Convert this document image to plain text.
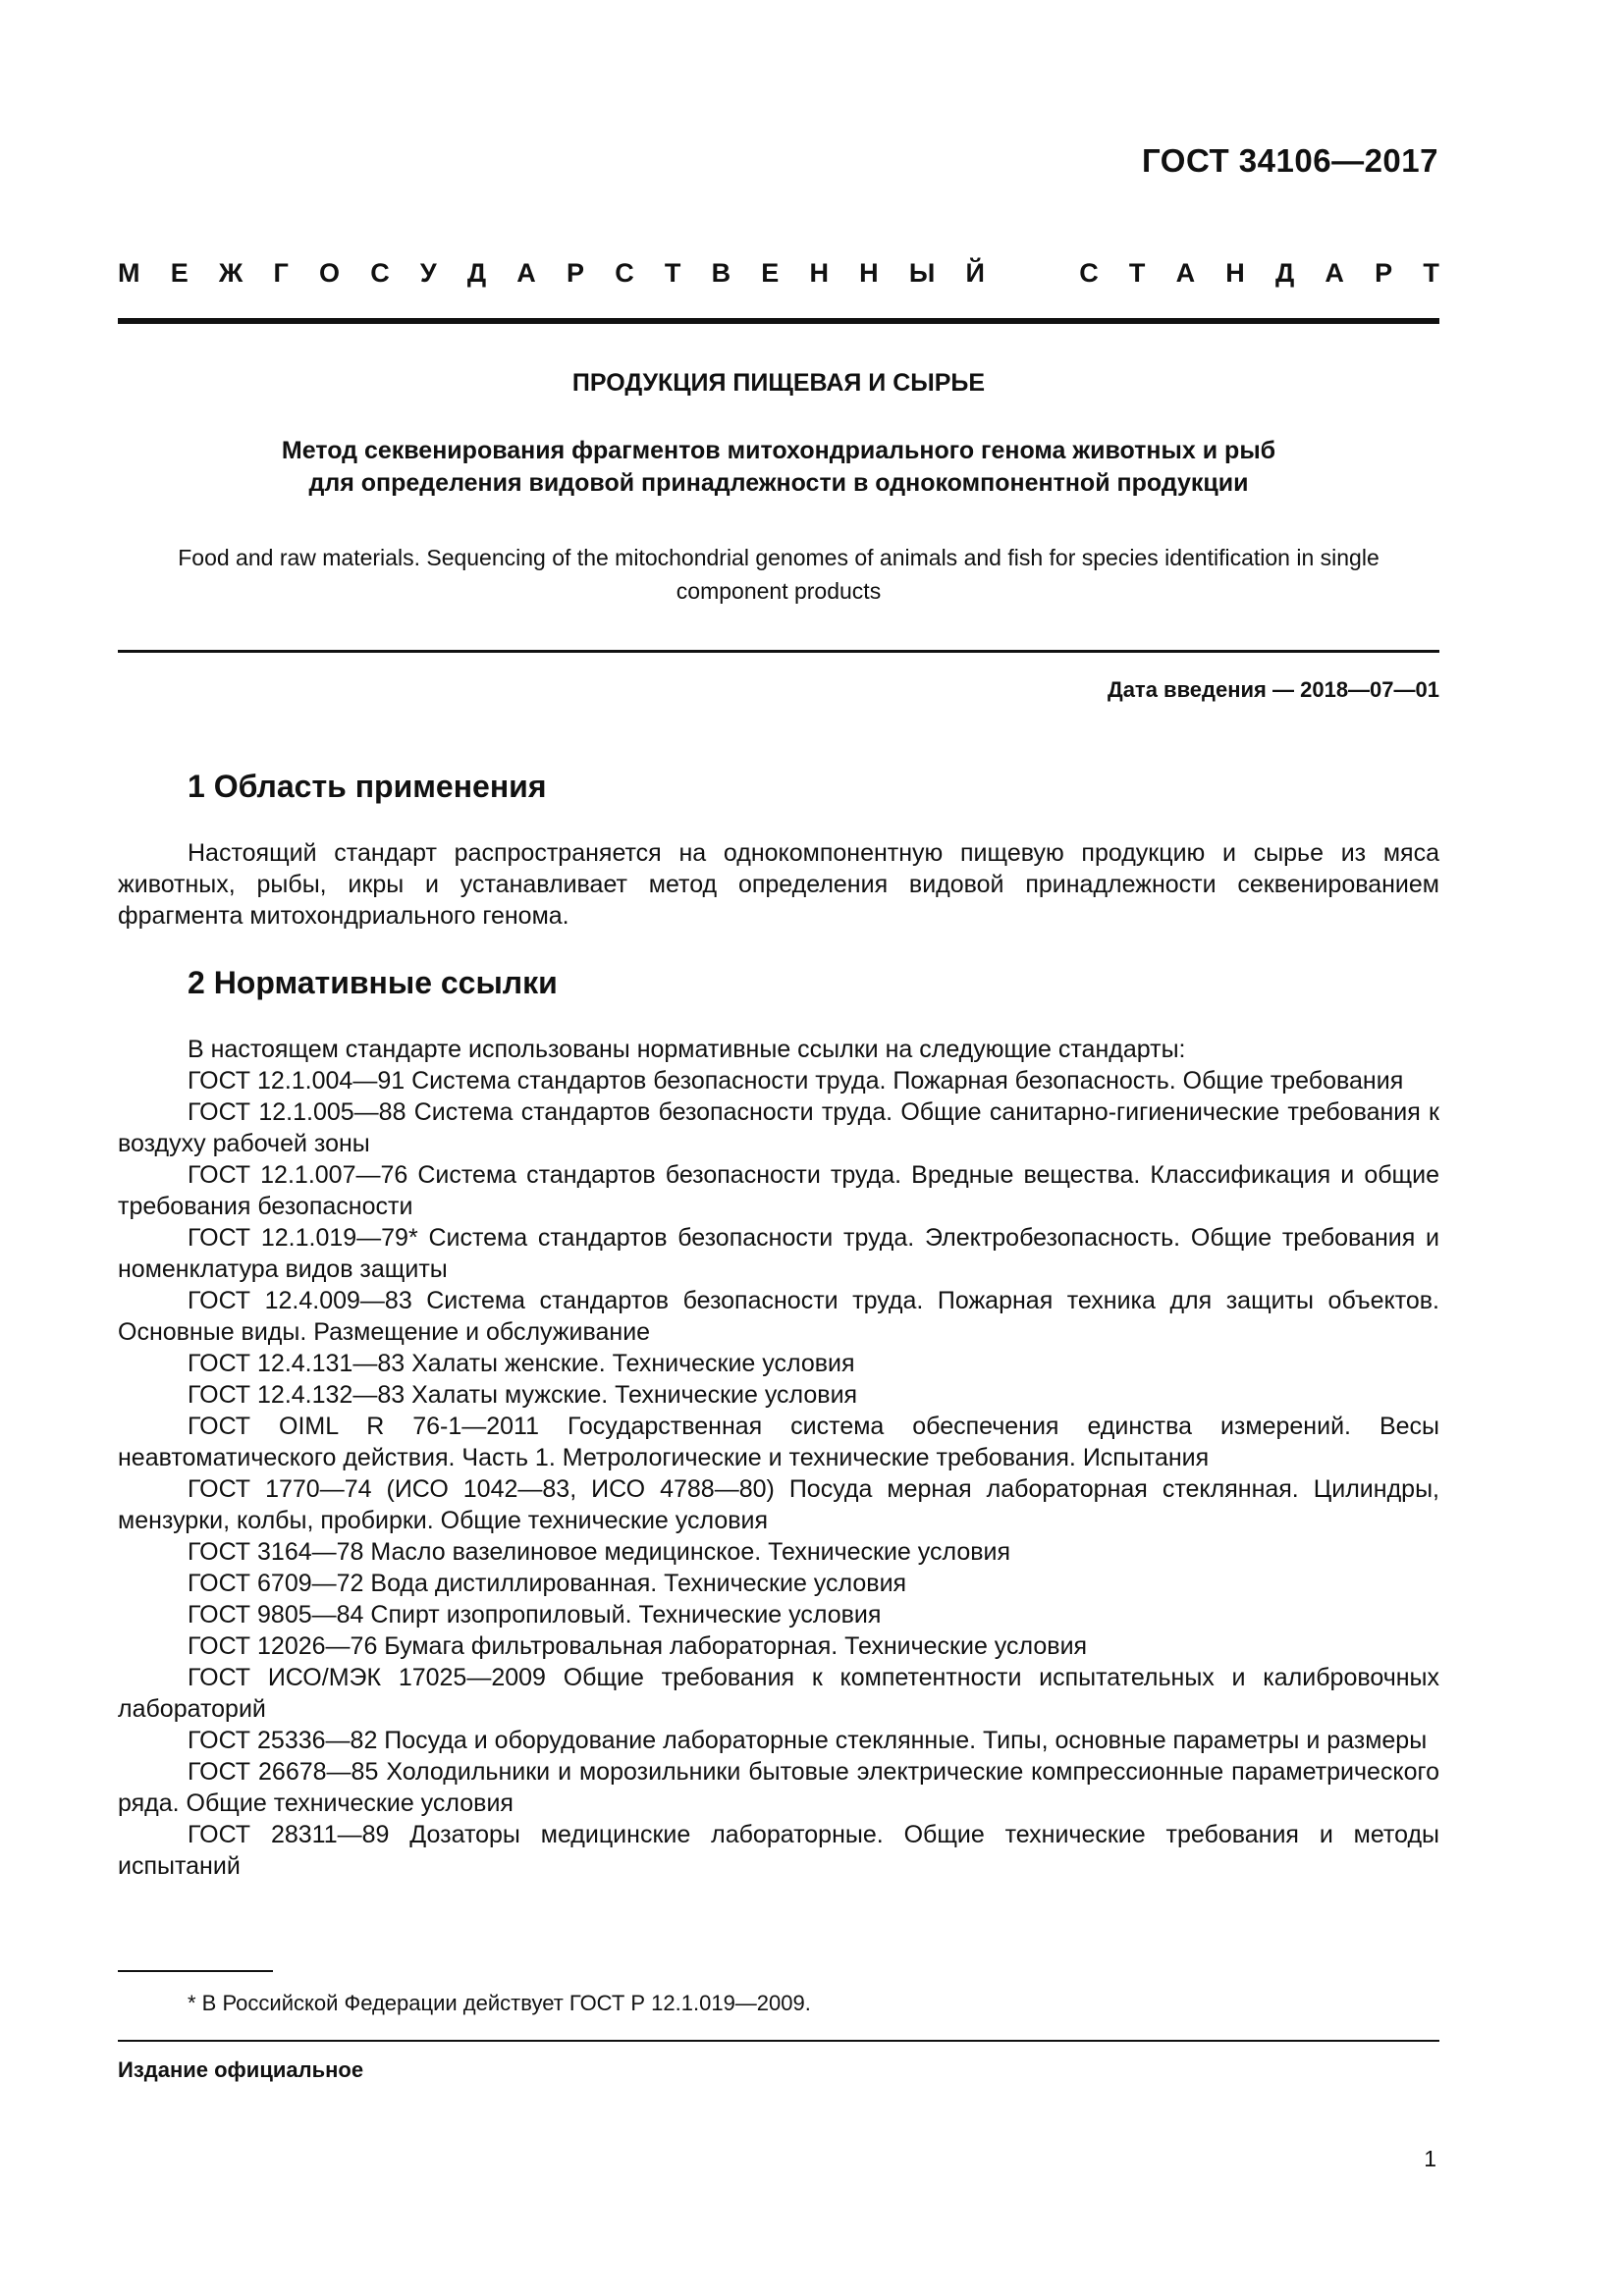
ГОСТ 34106—2017
М Е Ж Г О С У Д А Р С Т В Е Н Н Ы Й	С Т А Н Д А Р Т
ПРОДУКЦИЯ ПИЩЕВАЯ И СЫРЬЕ
Метод секвенирования фрагментов митохондриального генома животных и рыб
для определения видовой принадлежности в однокомпонентной продукции
Food and raw materials. Sequencing of the mitochondrial genomes of animals and fish for species identification in single
component products
Дата введения — 2018—07—01
1 Область применения
Настоящий стандарт распространяется на однокомпонентную пищевую продукцию и сырье из мяса животных, рыбы, икры и устанавливает метод определения видовой принадлежности секвенированием фрагмента митохондриального генома.
2 Нормативные ссылки
В настоящем стандарте использованы нормативные ссылки на следующие стандарты:
ГОСТ 12.1.004—91 Система стандартов безопасности труда. Пожарная безопасность. Общие требования
ГОСТ 12.1.005—88 Система стандартов безопасности труда. Общие санитарно-гигиенические требования к воздуху рабочей зоны
ГОСТ 12.1.007—76 Система стандартов безопасности труда. Вредные вещества. Классификация и общие требования безопасности
ГОСТ 12.1.019—79* Система стандартов безопасности труда. Электробезопасность. Общие требования и номенклатура видов защиты
ГОСТ 12.4.009—83 Система стандартов безопасности труда. Пожарная техника для защиты объектов. Основные виды. Размещение и обслуживание
ГОСТ 12.4.131—83 Халаты женские. Технические условия
ГОСТ 12.4.132—83 Халаты мужские. Технические условия
ГОСТ OIML R 76-1—2011 Государственная система обеспечения единства измерений. Весы неавтоматического действия. Часть 1. Метрологические и технические требования. Испытания
ГОСТ 1770—74 (ИСО 1042—83, ИСО 4788—80) Посуда мерная лабораторная стеклянная. Цилиндры, мензурки, колбы, пробирки. Общие технические условия
ГОСТ 3164—78 Масло вазелиновое медицинское. Технические условия
ГОСТ 6709—72 Вода дистиллированная. Технические условия
ГОСТ 9805—84 Спирт изопропиловый. Технические условия
ГОСТ 12026—76 Бумага фильтровальная лабораторная. Технические условия
ГОСТ ИСО/МЭК 17025—2009 Общие требования к компетентности испытательных и калибровочных лабораторий
ГОСТ 25336—82 Посуда и оборудование лабораторные стеклянные. Типы, основные параметры и размеры
ГОСТ 26678—85 Холодильники и морозильники бытовые электрические компрессионные параметрического ряда. Общие технические условия
ГОСТ 28311—89 Дозаторы медицинские лабораторные. Общие технические требования и методы испытаний
* В Российской Федерации действует ГОСТ Р 12.1.019—2009.
Издание официальное
1
